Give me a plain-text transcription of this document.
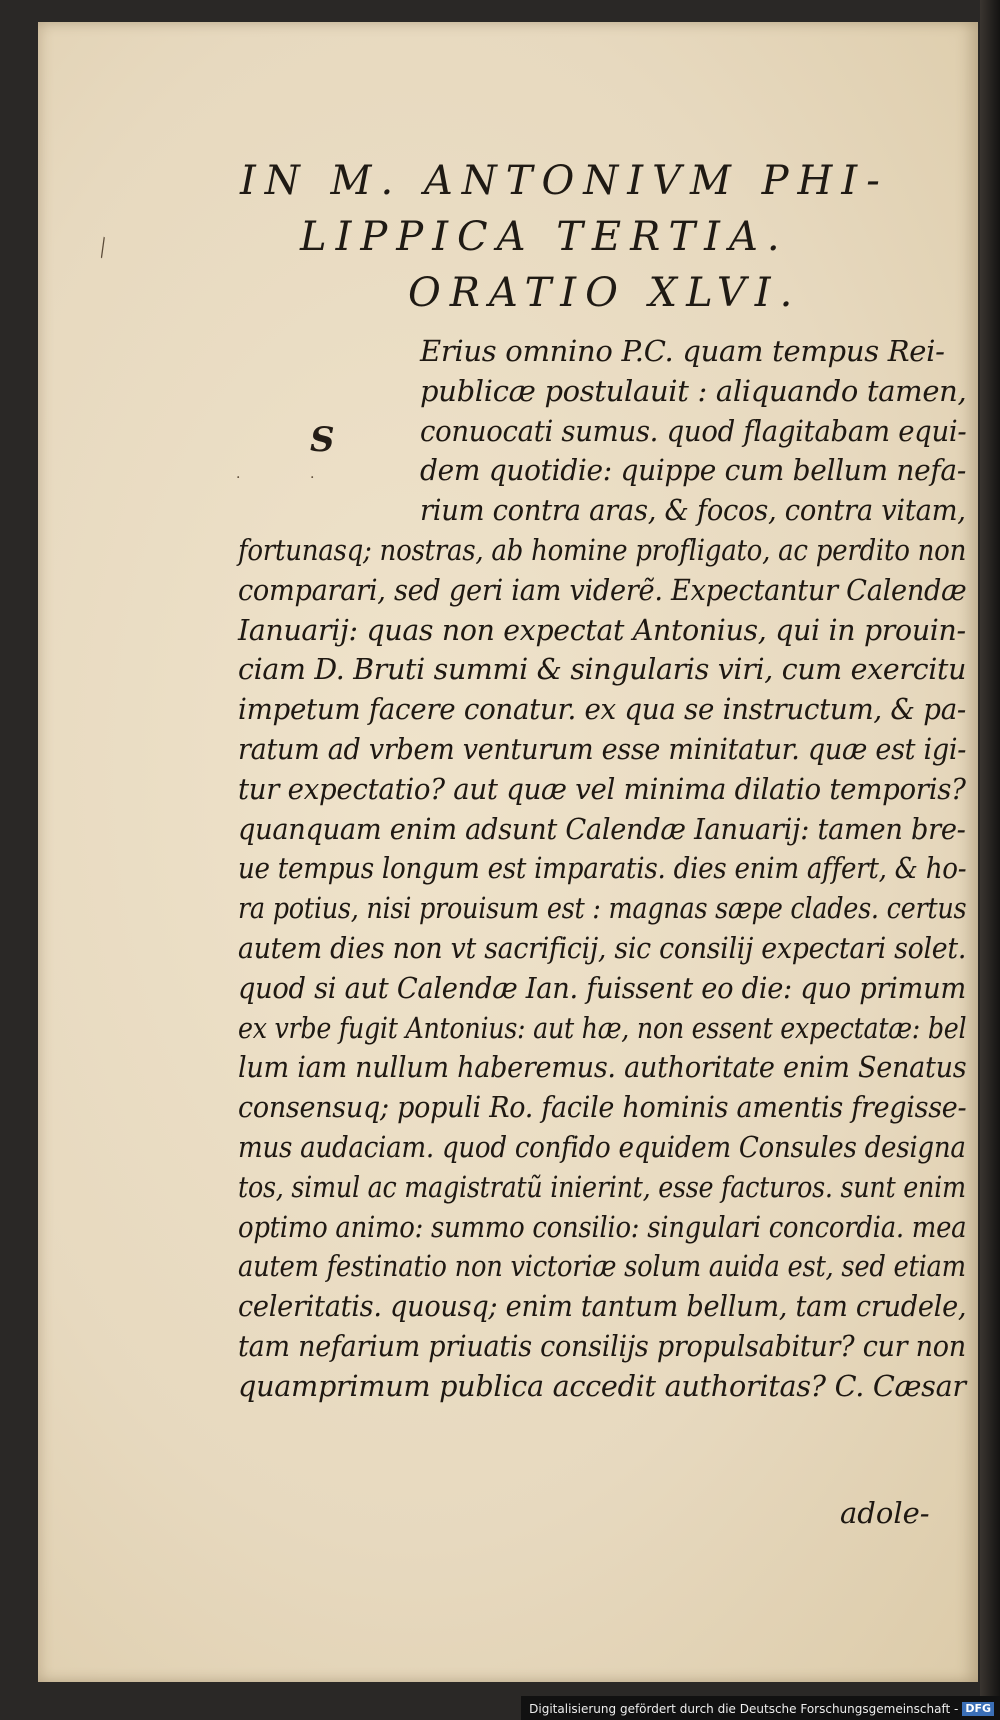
IN M. ANTONIVM PHI-
LIPPICA TERTIA.
ORATIO XLVI.
╲
·	·
S
Erius omnino P.C. quam tempus Rei-
publicæ postulauit : aliquando tamen,
conuocati sumus. quod flagitabam equi-
dem quotidie: quippe cum bellum nefa-
rium contra aras, & focos, contra vitam,
fortunasq; nostras, ab homine profligato, ac perdito non
comparari, sed geri iam viderẽ. Expectantur Calendæ
Ianuarij: quas non expectat Antonius, qui in prouin-
ciam D. Bruti summi & singularis viri, cum exercitu
impetum facere conatur. ex qua se instructum, & pa-
ratum ad vrbem venturum esse minitatur. quæ est igi-
tur expectatio? aut quæ vel minima dilatio temporis?
quanquam enim adsunt Calendæ Ianuarij: tamen bre-
ue tempus longum est imparatis. dies enim affert, & ho-
ra potius, nisi prouisum est : magnas sæpe clades. certus
autem dies non vt sacrificij, sic consilij expectari solet.
quod si aut Calendæ Ian. fuissent eo die: quo primum
ex vrbe fugit Antonius: aut hæ, non essent expectatæ: bel
lum iam nullum haberemus. authoritate enim Senatus
consensuq; populi Ro. facile hominis amentis fregisse-
mus audaciam. quod confido equidem Consules designa
tos, simul ac magistratũ inierint, esse facturos. sunt enim
optimo animo: summo consilio: singulari concordia. mea
autem festinatio non victoriæ solum auida est, sed etiam
celeritatis. quousq; enim tantum bellum, tam crudele,
tam nefarium priuatis consilijs propulsabitur? cur non
quamprimum publica accedit authoritas? C. Cæsar
adole-
Digitalisierung gefördert durch die Deutsche Forschungsgemeinschaft - DFG
